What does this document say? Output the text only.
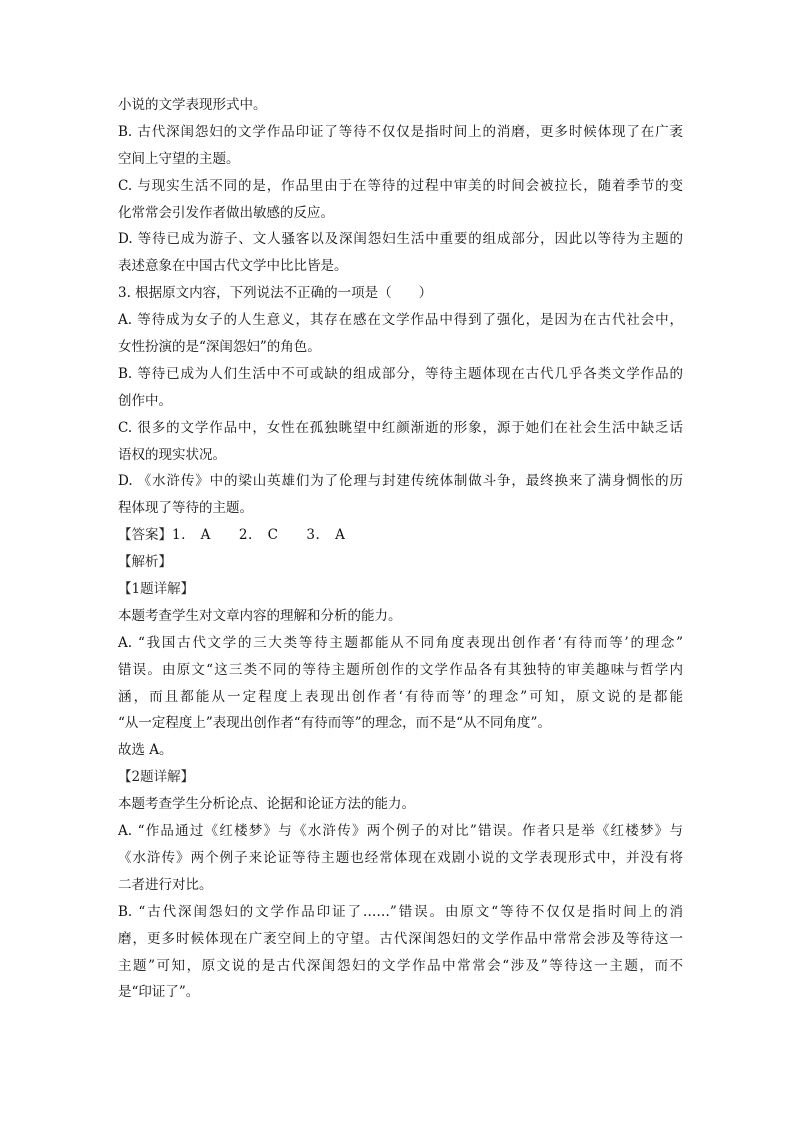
小说的文学表现形式中。
B. 古代深闺怨妇的文学作品印证了等待不仅仅是指时间上的消磨，更多时候体现了在广袤
空间上守望的主题。
C. 与现实生活不同的是，作品里由于在等待的过程中审美的时间会被拉长，随着季节的变
化常常会引发作者做出敏感的反应。
D. 等待已成为游子、文人骚客以及深闺怨妇生活中重要的组成部分，因此以等待为主题的
表述意象在中国古代文学中比比皆是。
3. 根据原文内容，下列说法不正确的一项是（　　）
A. 等待成为女子的人生意义，其存在感在文学作品中得到了强化，是因为在古代社会中，
女性扮演的是“深闺怨妇”的角色。
B. 等待已成为人们生活中不可或缺的组成部分，等待主题体现在古代几乎各类文学作品的
创作中。
C. 很多的文学作品中，女性在孤独眺望中红颜渐逝的形象，源于她们在社会生活中缺乏话
语权的现实状况。
D. 《水浒传》中的梁山英雄们为了伦理与封建传统体制做斗争，最终换来了满身惆怅的历
程体现了等待的主题。
【答案】1. A　　2. C　　3. A
【解析】
【1题详解】
本题考查学生对文章内容的理解和分析的能力。
A. “我国古代文学的三大类等待主题都能从不同角度表现出创作者‘有待而等’的理念”
错误。由原文“这三类不同的等待主题所创作的文学作品各有其独特的审美趣味与哲学内
涵，而且都能从一定程度上表现出创作者‘有待而等’的理念”可知，原文说的是都能
“从一定程度上”表现出创作者“有待而等”的理念，而不是“从不同角度”。
故选 A。
【2题详解】
本题考查学生分析论点、论据和论证方法的能力。
A. “作品通过《红楼梦》与《水浒传》两个例子的对比”错误。作者只是举《红楼梦》与
《水浒传》两个例子来论证等待主题也经常体现在戏剧小说的文学表现形式中，并没有将
二者进行对比。
B. “古代深闺怨妇的文学作品印证了……”错误。由原文“等待不仅仅是指时间上的消
磨，更多时候体现在广袤空间上的守望。古代深闺怨妇的文学作品中常常会涉及等待这一
主题”可知，原文说的是古代深闺怨妇的文学作品中常常会“涉及”等待这一主题，而不
是“印证了”。
